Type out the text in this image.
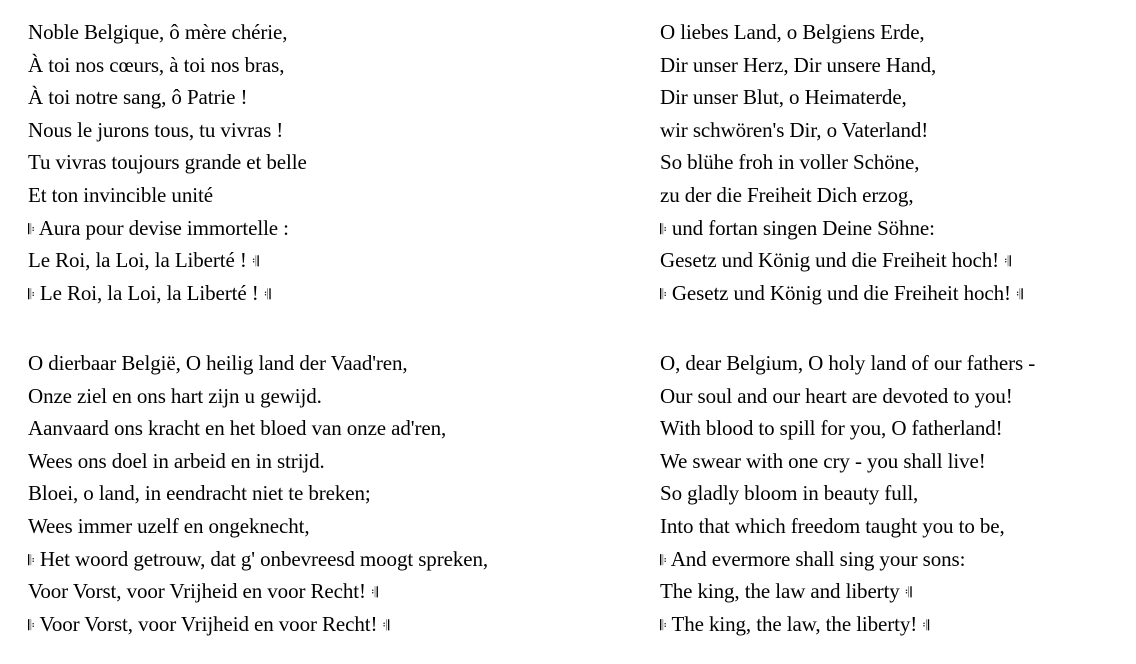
Noble Belgique, ô mère chérie,
À toi nos cœurs, à toi nos bras,
À toi notre sang, ô Patrie !
Nous le jurons tous, tu vivras !
Tu vivras toujours grande et belle
Et ton invincible unité
𝄆 Aura pour devise immortelle :
Le Roi, la Loi, la Liberté ! 𝄇
𝄆 Le Roi, la Loi, la Liberté ! 𝄇
O liebes Land, o Belgiens Erde,
Dir unser Herz, Dir unsere Hand,
Dir unser Blut, o Heimaterde,
wir schwören's Dir, o Vaterland!
So blühe froh in voller Schöne,
zu der die Freiheit Dich erzog,
𝄆 und fortan singen Deine Söhne:
Gesetz und König und die Freiheit hoch! 𝄇
𝄆 Gesetz und König und die Freiheit hoch! 𝄇
O dierbaar België, O heilig land der Vaad'ren,
Onze ziel en ons hart zijn u gewijd.
Aanvaard ons kracht en het bloed van onze ad'ren,
Wees ons doel in arbeid en in strijd.
Bloei, o land, in eendracht niet te breken;
Wees immer uzelf en ongeknecht,
𝄆 Het woord getrouw, dat g' onbevreesd moogt spreken,
Voor Vorst, voor Vrijheid en voor Recht! 𝄇
𝄆 Voor Vorst, voor Vrijheid en voor Recht! 𝄇
O, dear Belgium, O holy land of our fathers -
Our soul and our heart are devoted to you!
With blood to spill for you, O fatherland!
We swear with one cry - you shall live!
So gladly bloom in beauty full,
Into that which freedom taught you to be,
𝄆 And evermore shall sing your sons:
The king, the law and liberty 𝄇
𝄆 The king, the law, the liberty! 𝄇
